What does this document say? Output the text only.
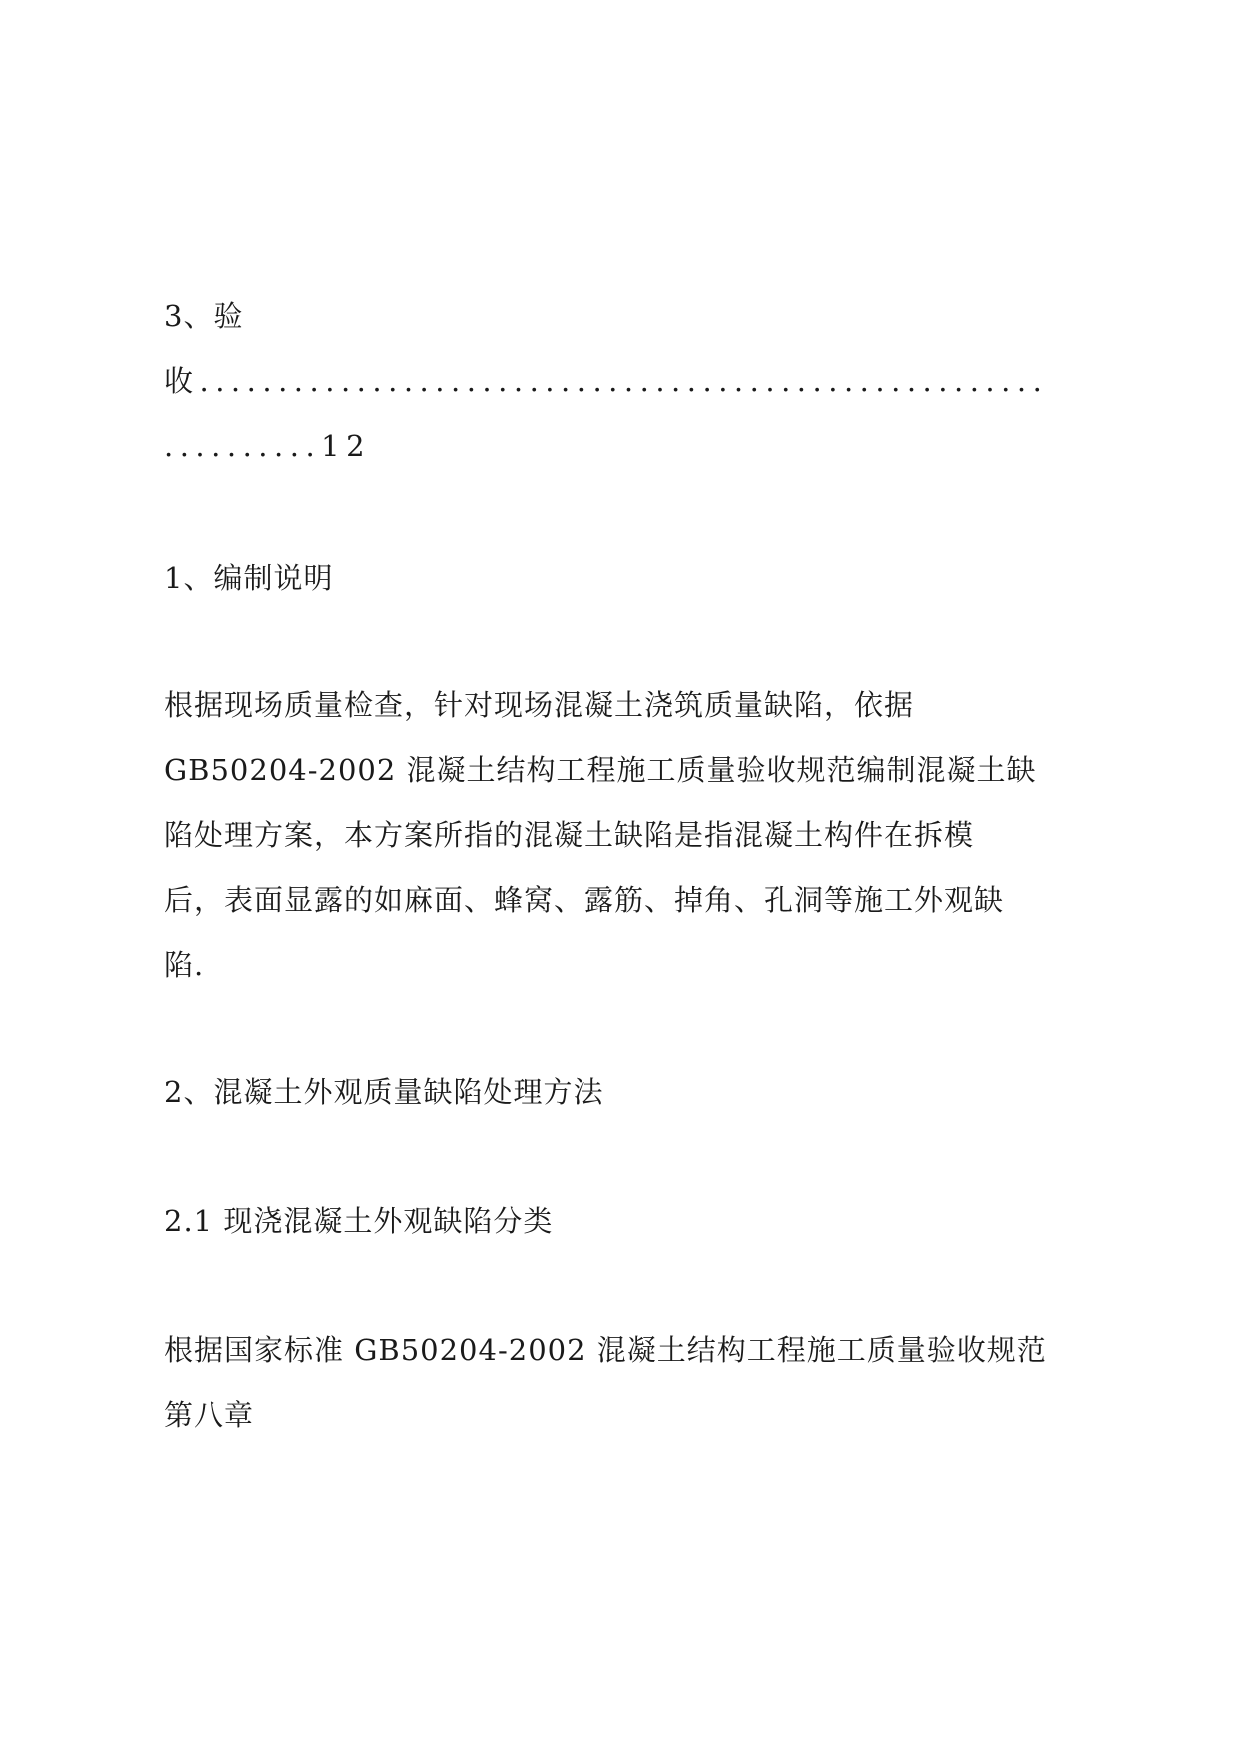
3、验
收......................................................
..........12
1、编制说明
根据现场质量检查，针对现场混凝土浇筑质量缺陷，依据
GB50204-2002 混凝土结构工程施工质量验收规范编制混凝土缺
陷处理方案，本方案所指的混凝土缺陷是指混凝土构件在拆模
后，表面显露的如麻面、蜂窝、露筋、掉角、孔洞等施工外观缺
陷.
2、混凝土外观质量缺陷处理方法
2.1 现浇混凝土外观缺陷分类
根据国家标准 GB50204-2002 混凝土结构工程施工质量验收规范
第八章
